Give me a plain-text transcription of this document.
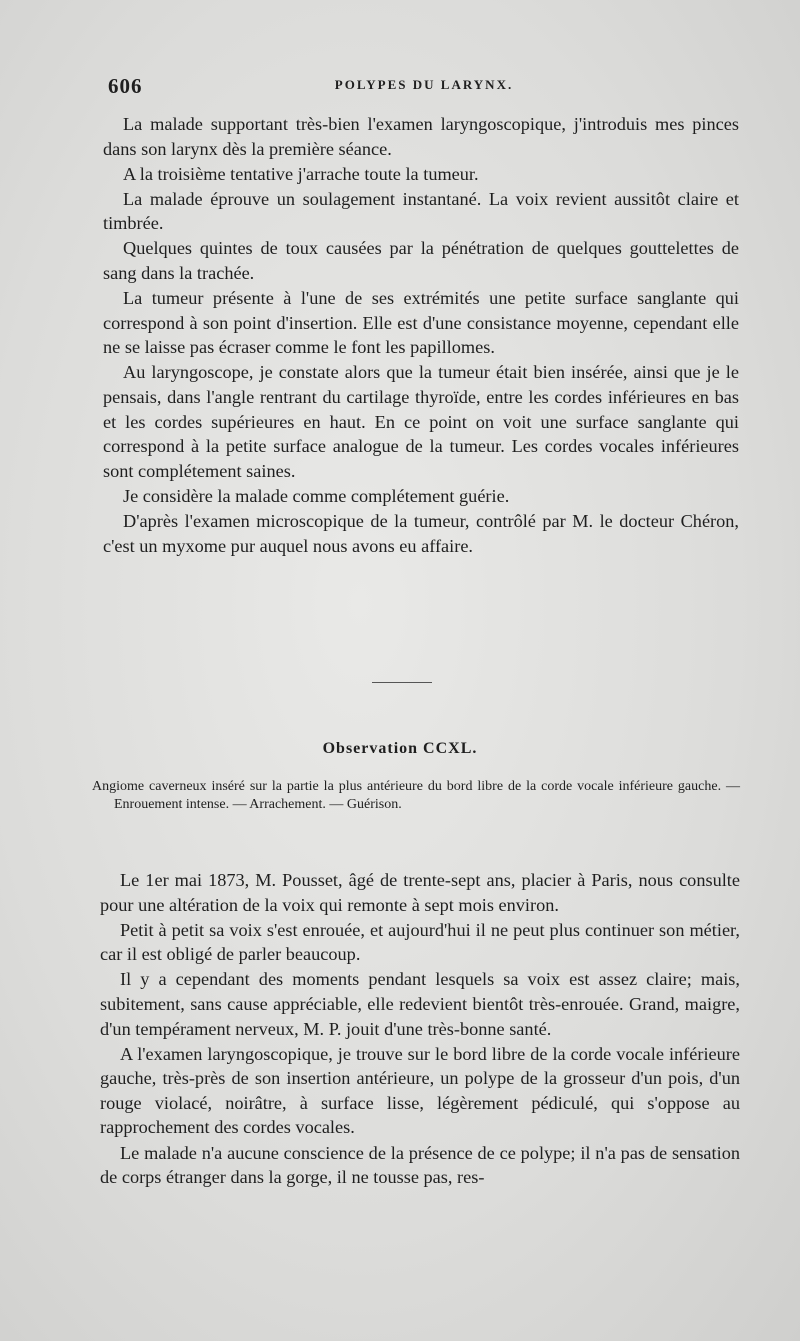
606	POLYPES DU LARYNX.

La malade supportant très-bien l'examen laryngoscopique, j'introduis mes pinces dans son larynx dès la première séance.

A la troisième tentative j'arrache toute la tumeur.

La malade éprouve un soulagement instantané. La voix revient aussitôt claire et timbrée.

Quelques quintes de toux causées par la pénétration de quelques gouttelettes de sang dans la trachée.

La tumeur présente à l'une de ses extrémités une petite surface sanglante qui correspond à son point d'insertion. Elle est d'une consistance moyenne, cependant elle ne se laisse pas écraser comme le font les papillomes.

Au laryngoscope, je constate alors que la tumeur était bien insérée, ainsi que je le pensais, dans l'angle rentrant du cartilage thyroïde, entre les cordes inférieures en bas et les cordes supérieures en haut. En ce point on voit une surface sanglante qui correspond à la petite surface analogue de la tumeur. Les cordes vocales inférieures sont complétement saines.

Je considère la malade comme complétement guérie.

D'après l'examen microscopique de la tumeur, contrôlé par M. le docteur Chéron, c'est un myxome pur auquel nous avons eu affaire.

Observation CCXL.
Angiome caverneux inséré sur la partie la plus antérieure du bord libre de la corde vocale inférieure gauche. — Enrouement intense. — Arrachement. — Guérison.

Le 1er mai 1873, M. Pousset, âgé de trente-sept ans, placier à Paris, nous consulte pour une altération de la voix qui remonte à sept mois environ.

Petit à petit sa voix s'est enrouée, et aujourd'hui il ne peut plus continuer son métier, car il est obligé de parler beaucoup.

Il y a cependant des moments pendant lesquels sa voix est assez claire; mais, subitement, sans cause appréciable, elle redevient bientôt très-enrouée. Grand, maigre, d'un tempérament nerveux, M. P. jouit d'une très-bonne santé.

A l'examen laryngoscopique, je trouve sur le bord libre de la corde vocale inférieure gauche, très-près de son insertion antérieure, un polype de la grosseur d'un pois, d'un rouge violacé, noirâtre, à surface lisse, légèrement pédiculé, qui s'oppose au rapprochement des cordes vocales.

Le malade n'a aucune conscience de la présence de ce polype; il n'a pas de sensation de corps étranger dans la gorge, il ne tousse pas, res-
